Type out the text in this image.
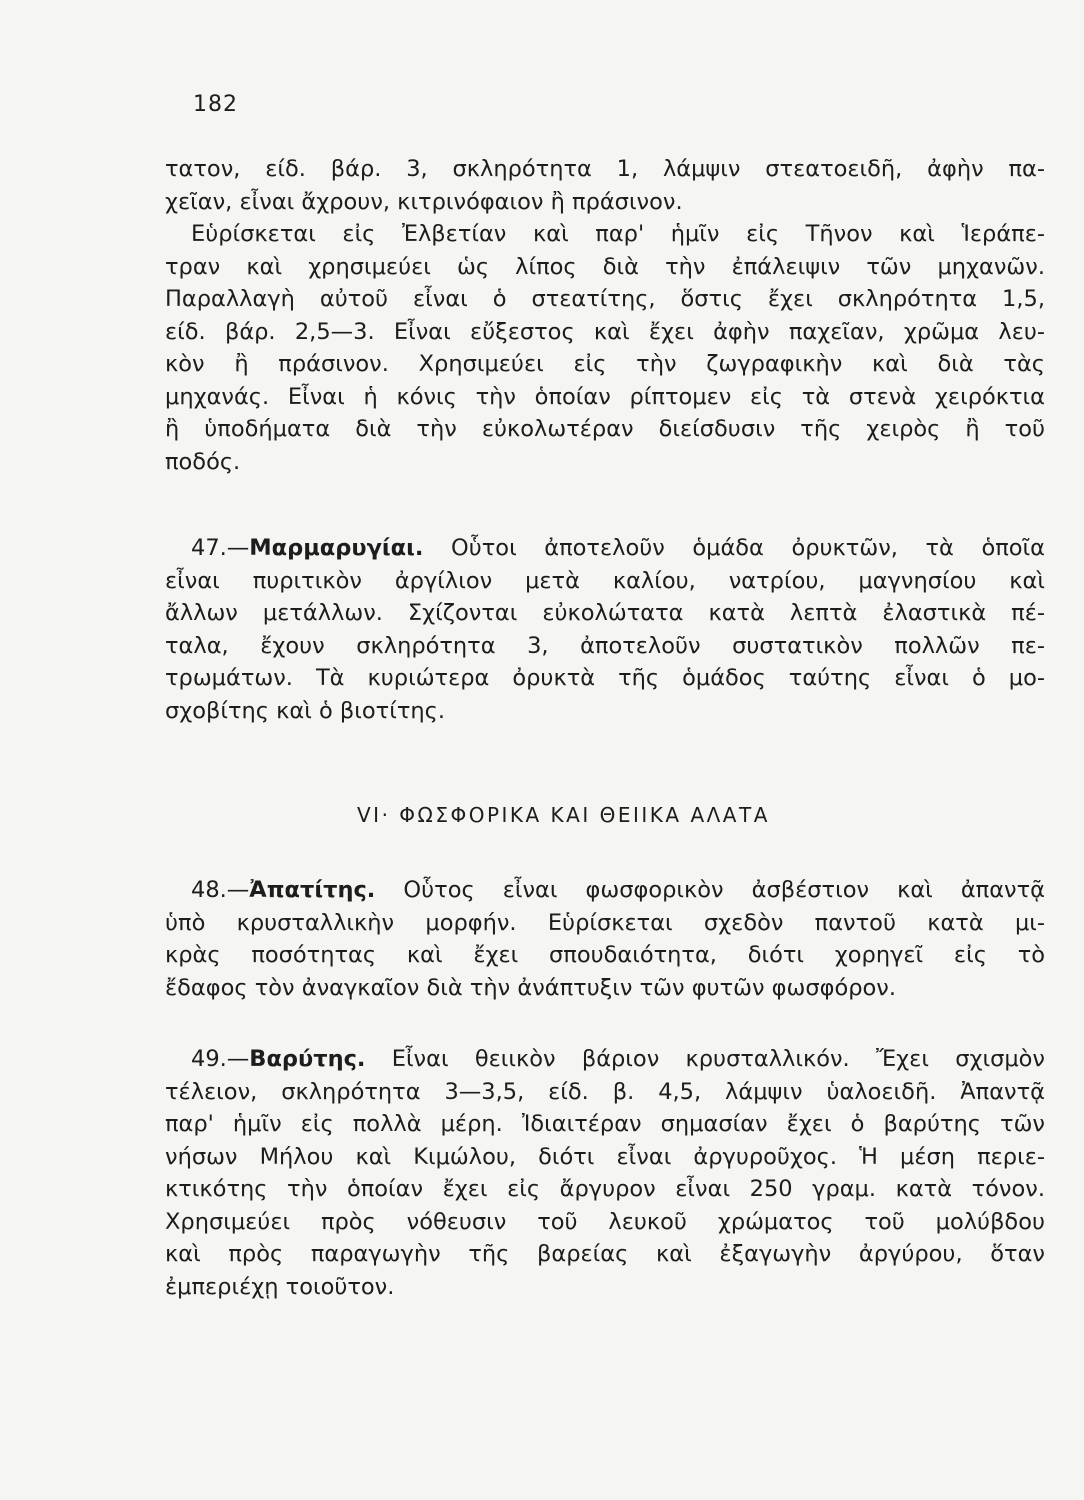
182
τατον, είδ. βάρ. 3, σκληρότητα 1, λάμψιν στεατοειδῆ, ἀφὴν πα-
χεῖαν, εἶναι ἄχρουν, κιτρινόφαιον ἢ πράσινον.
Εὑρίσκεται εἰς Ἐλβετίαν καὶ παρ' ἡμῖν εἰς Τῆνον καὶ Ἱεράπε-
τραν καὶ χρησιμεύει ὡς λίπος διὰ τὴν ἐπάλειψιν τῶν μηχανῶν.
Παραλλαγὴ αὐτοῦ εἶναι ὁ στεατίτης, ὅστις ἔχει σκληρότητα 1,5,
είδ. βάρ. 2,5—3. Εἶναι εὔξεστος καὶ ἔχει ἀφὴν παχεῖαν, χρῶμα λευ-
κὸν ἢ πράσινον. Χρησιμεύει εἰς τὴν ζωγραφικὴν καὶ διὰ τὰς
μηχανάς. Εἶναι ἡ κόνις τὴν ὁποίαν ρίπτομεν εἰς τὰ στενὰ χειρόκτια
ἢ ὑποδήματα διὰ τὴν εὐκολωτέραν διείσδυσιν τῆς χειρὸς ἢ τοῦ
ποδός.
47.—Μαρμαρυγίαι. Οὗτοι ἀποτελοῦν ὁμάδα ὀρυκτῶν, τὰ ὁποῖα
εἶναι πυριτικὸν ἀργίλιον μετὰ καλίου, νατρίου, μαγνησίου καὶ
ἄλλων μετάλλων. Σχίζονται εὐκολώτατα κατὰ λεπτὰ ἐλαστικὰ πέ-
ταλα, ἔχουν σκληρότητα 3, ἀποτελοῦν συστατικὸν πολλῶν πε-
τρωμάτων. Τὰ κυριώτερα ὀρυκτὰ τῆς ὁμάδος ταύτης εἶναι ὁ μο-
σχοβίτης καὶ ὁ βιοτίτης.
VI· ΦΩΣΦΟΡΙΚΑ ΚΑΙ ΘΕΙΙΚΑ ΑΛΑΤΑ
48.—Ἀπατίτης. Οὗτος εἶναι φωσφορικὸν ἀσβέστιον καὶ ἀπαντᾷ
ὑπὸ κρυσταλλικὴν μορφήν. Εὑρίσκεται σχεδὸν παντοῦ κατὰ μι-
κρὰς ποσότητας καὶ ἔχει σπουδαιότητα, διότι χορηγεῖ εἰς τὸ
ἔδαφος τὸν ἀναγκαῖον διὰ τὴν ἀνάπτυξιν τῶν φυτῶν φωσφόρον.
49.—Βαρύτης. Εἶναι θειικὸν βάριον κρυσταλλικόν. Ἔχει σχισμὸν
τέλειον, σκληρότητα 3—3,5, είδ. β. 4,5, λάμψιν ὑαλοειδῆ. Ἀπαντᾷ
παρ' ἡμῖν εἰς πολλὰ μέρη. Ἰδιαιτέραν σημασίαν ἔχει ὁ βαρύτης τῶν
νήσων Μήλου καὶ Κιμώλου, διότι εἶναι ἀργυροῦχος. Ἡ μέση περιε-
κτικότης τὴν ὁποίαν ἔχει εἰς ἄργυρον εἶναι 250 γραμ. κατὰ τόνον.
Χρησιμεύει πρὸς νόθευσιν τοῦ λευκοῦ χρώματος τοῦ μολύβδου
καὶ πρὸς παραγωγὴν τῆς βαρείας καὶ ἐξαγωγὴν ἀργύρου, ὅταν
ἐμπεριέχῃ τοιοῦτον.
